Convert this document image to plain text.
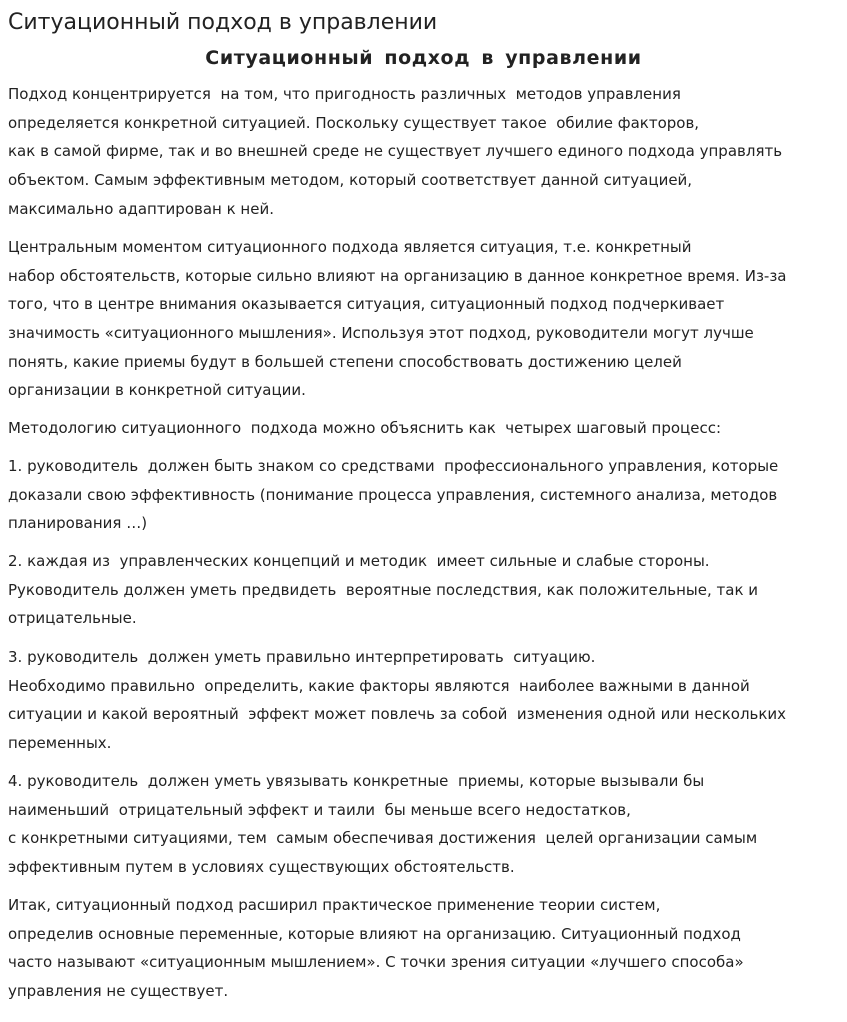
Ситуационный подход в управлении
Ситуационный подход в управлении

Подход концентрируется  на том, что пригодность различных  методов управления
определяется конкретной ситуацией. Поскольку существует такое  обилие факторов,
как в самой фирме, так и во внешней среде не существует лучшего единого подхода управлять
объектом. Самым эффективным методом, который соответствует данной ситуацией,
максимально адаптирован к ней.

Центральным моментом ситуационного подхода является ситуация, т.е. конкретный
набор обстоятельств, которые сильно влияют на организацию в данное конкретное время. Из-за
того, что в центре внимания оказывается ситуация, ситуационный подход подчеркивает
значимость «ситуационного мышления». Используя этот подход, руководители могут лучше
понять, какие приемы будут в большей степени способствовать достижению целей
организации в конкретной ситуации.

Методологию ситуационного  подхода можно объяснить как  четырех шаговый процесс:

1. руководитель  должен быть знаком со средствами  профессионального управления, которые
доказали свою эффективность (понимание процесса управления, системного анализа, методов
планирования …)

2. каждая из  управленческих концепций и методик  имеет сильные и слабые стороны.
Руководитель должен уметь предвидеть  вероятные последствия, как положительные, так и
отрицательные.

3. руководитель  должен уметь правильно интерпретировать  ситуацию.
Необходимо правильно  определить, какие факторы являются  наиболее важными в данной
ситуации и какой вероятный  эффект может повлечь за собой  изменения одной или нескольких
переменных.

4. руководитель  должен уметь увязывать конкретные  приемы, которые вызывали бы
наименьший  отрицательный эффект и таили  бы меньше всего недостатков,
с конкретными ситуациями, тем  самым обеспечивая достижения  целей организации самым
эффективным путем в условиях существующих обстоятельств.

Итак, ситуационный подход расширил практическое применение теории систем,
определив основные переменные, которые влияют на организацию. Ситуационный подход
часто называют «ситуационным мышлением». С точки зрения ситуации «лучшего способа»
управления не существует.
